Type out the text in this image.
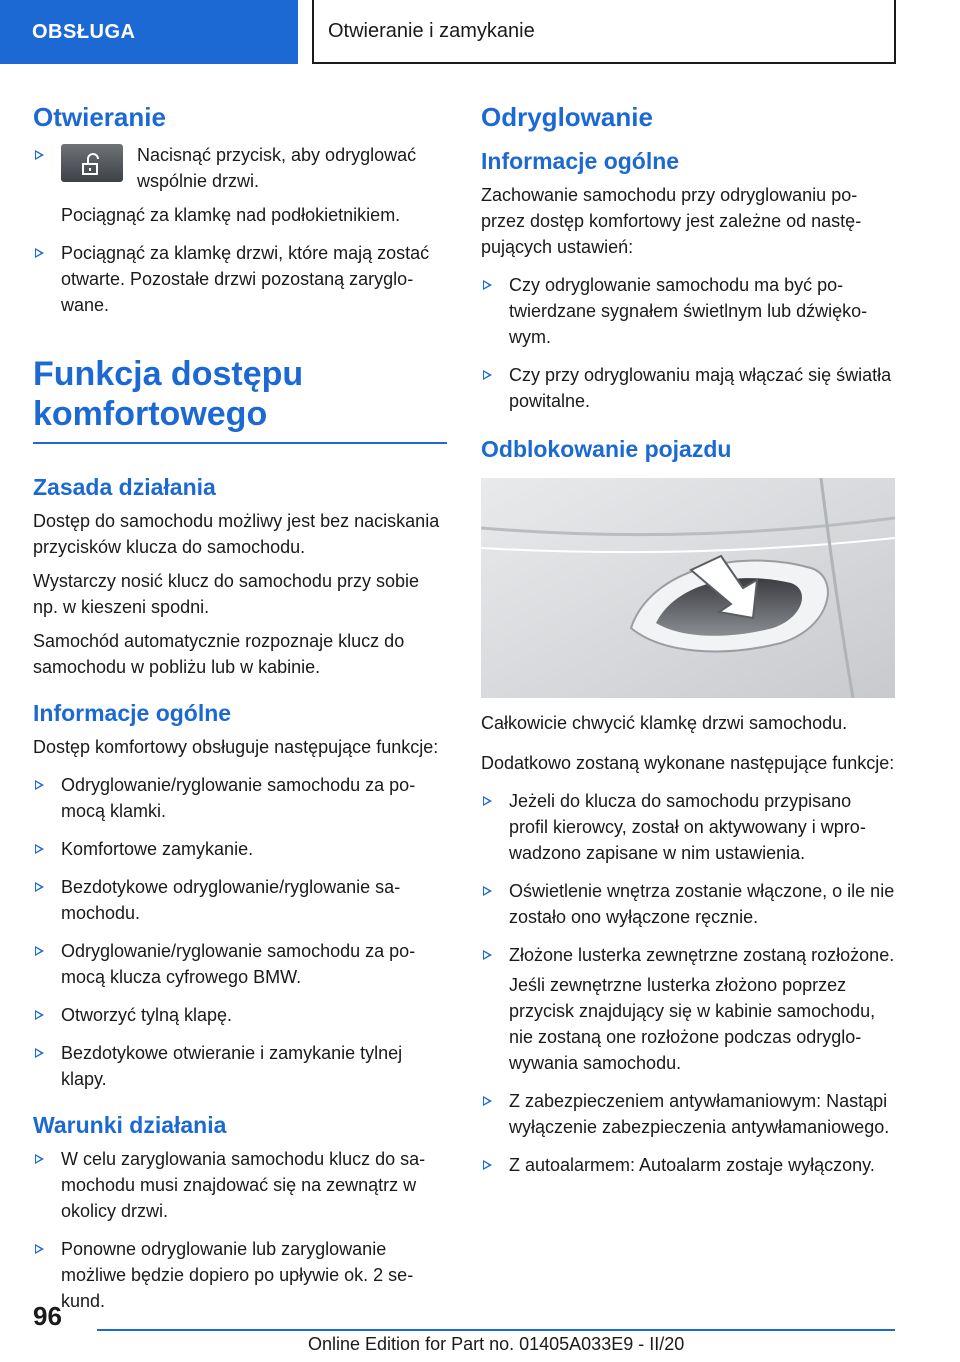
OBSŁUGA	Otwieranie i zamykanie
Otwieranie
Nacisnąć przycisk, aby odryglować wspólnie drzwi.

Pociągnąć za klamkę nad podłokietnikiem.

Pociągnąć za klamkę drzwi, które mają zostać otwarte. Pozostałe drzwi pozostaną zaryglowane.
Funkcja dostępu
komfortowego
Zasada działania

Dostęp do samochodu możliwy jest bez naciskania przycisków klucza do samochodu.

Wystarczy nosić klucz do samochodu przy sobie np. w kieszeni spodni.

Samochód automatycznie rozpoznaje klucz do samochodu w pobliżu lub w kabinie.

Informacje ogólne

Dostęp komfortowy obsługuje następujące funkcje:

Odryglowanie/ryglowanie samochodu za pomocą klamki.
Komfortowe zamykanie.
Bezdotykowe odryglowanie/ryglowanie samochodu.
Odryglowanie/ryglowanie samochodu za pomocą klucza cyfrowego BMW.
Otworzyć tylną klapę.
Bezdotykowe otwieranie i zamykanie tylnej klapy.
Warunki działania
W celu zaryglowania samochodu klucz do samochodu musi znajdować się na zewnątrz w okolicy drzwi.
Ponowne odryglowanie lub zaryglowanie możliwe będzie dopiero po upływie ok. 2 sekund.
Odryglowanie
Informacje ogólne

Zachowanie samochodu przy odryglowaniu poprzez dostęp komfortowy jest zależne od następujących ustawień:

Czy odryglowanie samochodu ma być potwierdzane sygnałem świetlnym lub dźwiękowym.
Czy przy odryglowaniu mają włączać się światła powitalne.
Odblokowanie pojazdu

Całkowicie chwycić klamkę drzwi samochodu.

Dodatkowo zostaną wykonane następujące funkcje:

Jeżeli do klucza do samochodu przypisano profil kierowcy, został on aktywowany i wprowadzono zapisane w nim ustawienia.
Oświetlenie wnętrza zostanie włączone, o ile nie zostało ono wyłączone ręcznie.
Złożone lusterka zewnętrzne zostaną rozłożone.

Jeśli zewnętrzne lusterka złożono poprzez przycisk znajdujący się w kabinie samochodu, nie zostaną one rozłożone podczas odryglowywania samochodu.

Z zabezpieczeniem antywłamaniowym: Nastąpi wyłączenie zabezpieczenia antywłamaniowego.
Z autoalarmem: Autoalarm zostaje wyłączony.
96
Online Edition for Part no. 01405A033E9 - II/20
